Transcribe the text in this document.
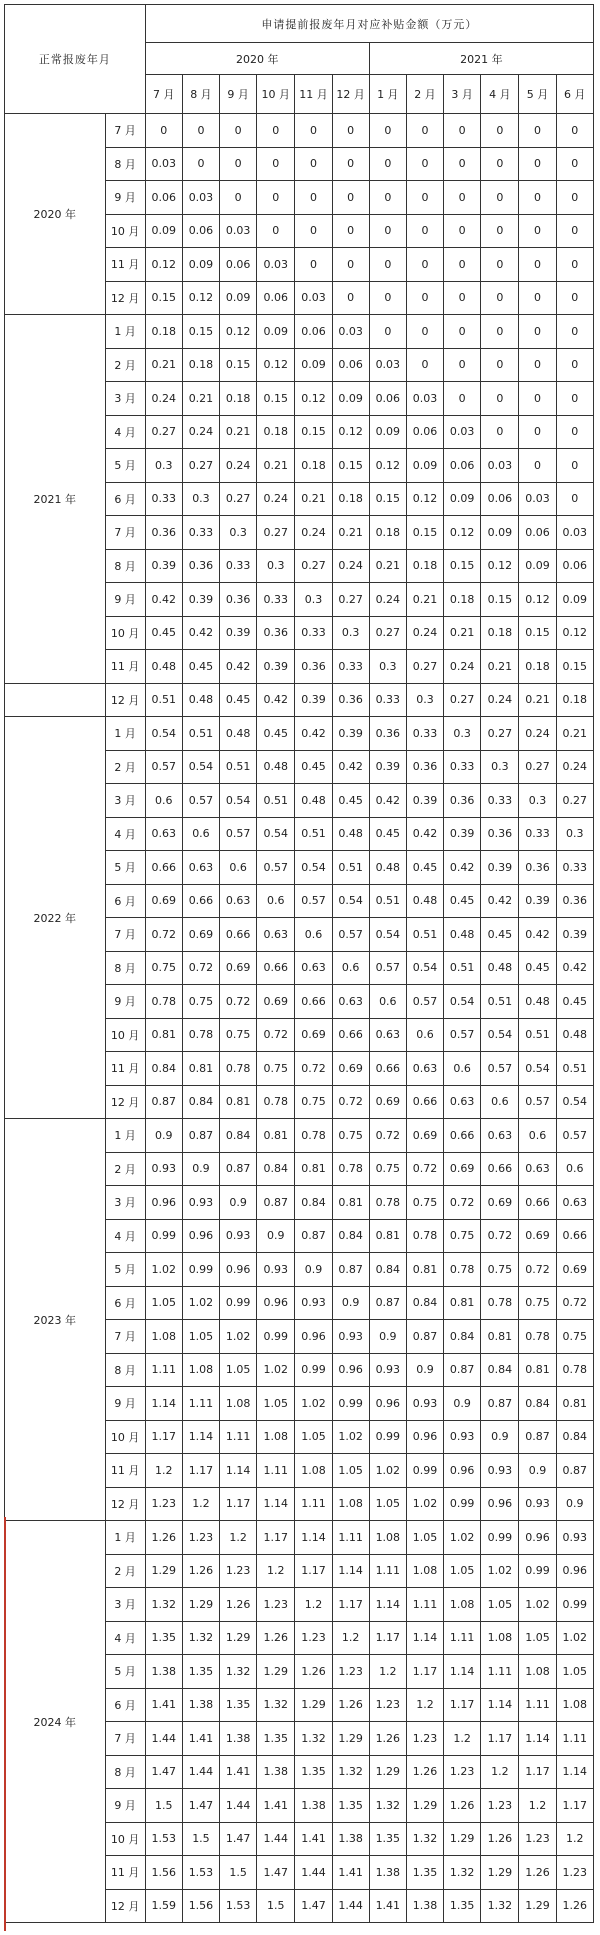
正常报废年月		申请提前报废年月对应补贴金额（万元）											
		2020 年						2021 年					
		7 月	8 月	9 月	10 月	11 月	12 月	1 月	2 月	3 月	4 月	5 月	6 月
2020 年	7 月	0	0	0	0	0	0	0	0	0	0	0	0
	8 月	0.03	0	0	0	0	0	0	0	0	0	0	0
	9 月	0.06	0.03	0	0	0	0	0	0	0	0	0	0
	10 月	0.09	0.06	0.03	0	0	0	0	0	0	0	0	0
	11 月	0.12	0.09	0.06	0.03	0	0	0	0	0	0	0	0
	12 月	0.15	0.12	0.09	0.06	0.03	0	0	0	0	0	0	0
2021 年	1 月	0.18	0.15	0.12	0.09	0.06	0.03	0	0	0	0	0	0
	2 月	0.21	0.18	0.15	0.12	0.09	0.06	0.03	0	0	0	0	0
	3 月	0.24	0.21	0.18	0.15	0.12	0.09	0.06	0.03	0	0	0	0
	4 月	0.27	0.24	0.21	0.18	0.15	0.12	0.09	0.06	0.03	0	0	0
	5 月	0.3	0.27	0.24	0.21	0.18	0.15	0.12	0.09	0.06	0.03	0	0
	6 月	0.33	0.3	0.27	0.24	0.21	0.18	0.15	0.12	0.09	0.06	0.03	0
	7 月	0.36	0.33	0.3	0.27	0.24	0.21	0.18	0.15	0.12	0.09	0.06	0.03
	8 月	0.39	0.36	0.33	0.3	0.27	0.24	0.21	0.18	0.15	0.12	0.09	0.06
	9 月	0.42	0.39	0.36	0.33	0.3	0.27	0.24	0.21	0.18	0.15	0.12	0.09
	10 月	0.45	0.42	0.39	0.36	0.33	0.3	0.27	0.24	0.21	0.18	0.15	0.12
	11 月	0.48	0.45	0.42	0.39	0.36	0.33	0.3	0.27	0.24	0.21	0.18	0.15
	12 月	0.51	0.48	0.45	0.42	0.39	0.36	0.33	0.3	0.27	0.24	0.21	0.18
2022 年	1 月	0.54	0.51	0.48	0.45	0.42	0.39	0.36	0.33	0.3	0.27	0.24	0.21
	2 月	0.57	0.54	0.51	0.48	0.45	0.42	0.39	0.36	0.33	0.3	0.27	0.24
	3 月	0.6	0.57	0.54	0.51	0.48	0.45	0.42	0.39	0.36	0.33	0.3	0.27
	4 月	0.63	0.6	0.57	0.54	0.51	0.48	0.45	0.42	0.39	0.36	0.33	0.3
	5 月	0.66	0.63	0.6	0.57	0.54	0.51	0.48	0.45	0.42	0.39	0.36	0.33
	6 月	0.69	0.66	0.63	0.6	0.57	0.54	0.51	0.48	0.45	0.42	0.39	0.36
	7 月	0.72	0.69	0.66	0.63	0.6	0.57	0.54	0.51	0.48	0.45	0.42	0.39
	8 月	0.75	0.72	0.69	0.66	0.63	0.6	0.57	0.54	0.51	0.48	0.45	0.42
	9 月	0.78	0.75	0.72	0.69	0.66	0.63	0.6	0.57	0.54	0.51	0.48	0.45
	10 月	0.81	0.78	0.75	0.72	0.69	0.66	0.63	0.6	0.57	0.54	0.51	0.48
	11 月	0.84	0.81	0.78	0.75	0.72	0.69	0.66	0.63	0.6	0.57	0.54	0.51
	12 月	0.87	0.84	0.81	0.78	0.75	0.72	0.69	0.66	0.63	0.6	0.57	0.54
2023 年	1 月	0.9	0.87	0.84	0.81	0.78	0.75	0.72	0.69	0.66	0.63	0.6	0.57
	2 月	0.93	0.9	0.87	0.84	0.81	0.78	0.75	0.72	0.69	0.66	0.63	0.6
	3 月	0.96	0.93	0.9	0.87	0.84	0.81	0.78	0.75	0.72	0.69	0.66	0.63
	4 月	0.99	0.96	0.93	0.9	0.87	0.84	0.81	0.78	0.75	0.72	0.69	0.66
	5 月	1.02	0.99	0.96	0.93	0.9	0.87	0.84	0.81	0.78	0.75	0.72	0.69
	6 月	1.05	1.02	0.99	0.96	0.93	0.9	0.87	0.84	0.81	0.78	0.75	0.72
	7 月	1.08	1.05	1.02	0.99	0.96	0.93	0.9	0.87	0.84	0.81	0.78	0.75
	8 月	1.11	1.08	1.05	1.02	0.99	0.96	0.93	0.9	0.87	0.84	0.81	0.78
	9 月	1.14	1.11	1.08	1.05	1.02	0.99	0.96	0.93	0.9	0.87	0.84	0.81
	10 月	1.17	1.14	1.11	1.08	1.05	1.02	0.99	0.96	0.93	0.9	0.87	0.84
	11 月	1.2	1.17	1.14	1.11	1.08	1.05	1.02	0.99	0.96	0.93	0.9	0.87
	12 月	1.23	1.2	1.17	1.14	1.11	1.08	1.05	1.02	0.99	0.96	0.93	0.9
2024 年	1 月	1.26	1.23	1.2	1.17	1.14	1.11	1.08	1.05	1.02	0.99	0.96	0.93
	2 月	1.29	1.26	1.23	1.2	1.17	1.14	1.11	1.08	1.05	1.02	0.99	0.96
	3 月	1.32	1.29	1.26	1.23	1.2	1.17	1.14	1.11	1.08	1.05	1.02	0.99
	4 月	1.35	1.32	1.29	1.26	1.23	1.2	1.17	1.14	1.11	1.08	1.05	1.02
	5 月	1.38	1.35	1.32	1.29	1.26	1.23	1.2	1.17	1.14	1.11	1.08	1.05
	6 月	1.41	1.38	1.35	1.32	1.29	1.26	1.23	1.2	1.17	1.14	1.11	1.08
	7 月	1.44	1.41	1.38	1.35	1.32	1.29	1.26	1.23	1.2	1.17	1.14	1.11
	8 月	1.47	1.44	1.41	1.38	1.35	1.32	1.29	1.26	1.23	1.2	1.17	1.14
	9 月	1.5	1.47	1.44	1.41	1.38	1.35	1.32	1.29	1.26	1.23	1.2	1.17
	10 月	1.53	1.5	1.47	1.44	1.41	1.38	1.35	1.32	1.29	1.26	1.23	1.2
	11 月	1.56	1.53	1.5	1.47	1.44	1.41	1.38	1.35	1.32	1.29	1.26	1.23
	12 月	1.59	1.56	1.53	1.5	1.47	1.44	1.41	1.38	1.35	1.32	1.29	1.26
